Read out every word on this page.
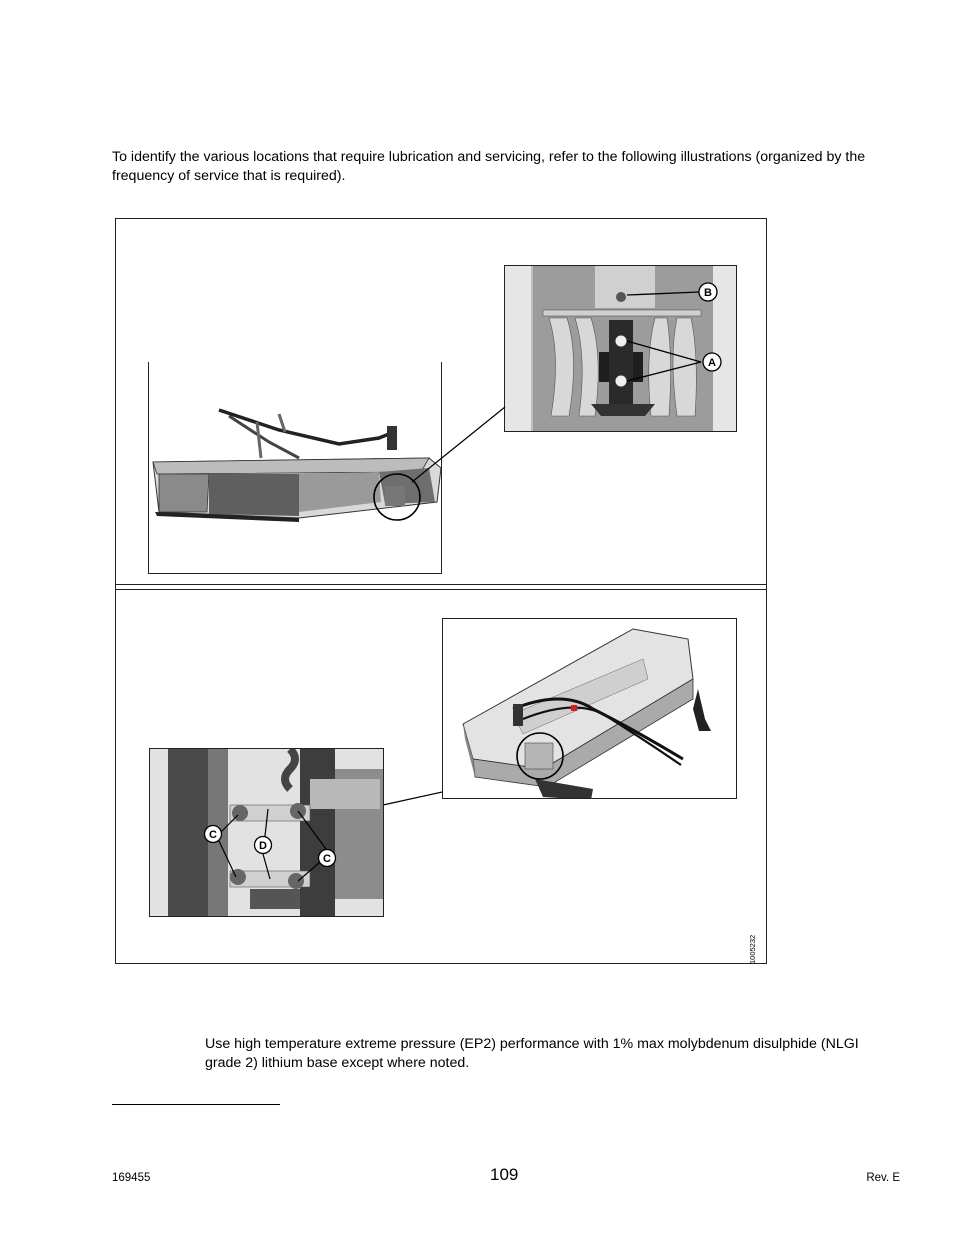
To identify the various locations that require lubrication and servicing, refer to the following illustrations (organized by the frequency of service that is required).

B
A
C
D
C
1005232

Use high temperature extreme pressure (EP2) performance with 1% max molybdenum disulphide (NLGI grade 2) lithium base except where noted.

169455	109	Rev. E
